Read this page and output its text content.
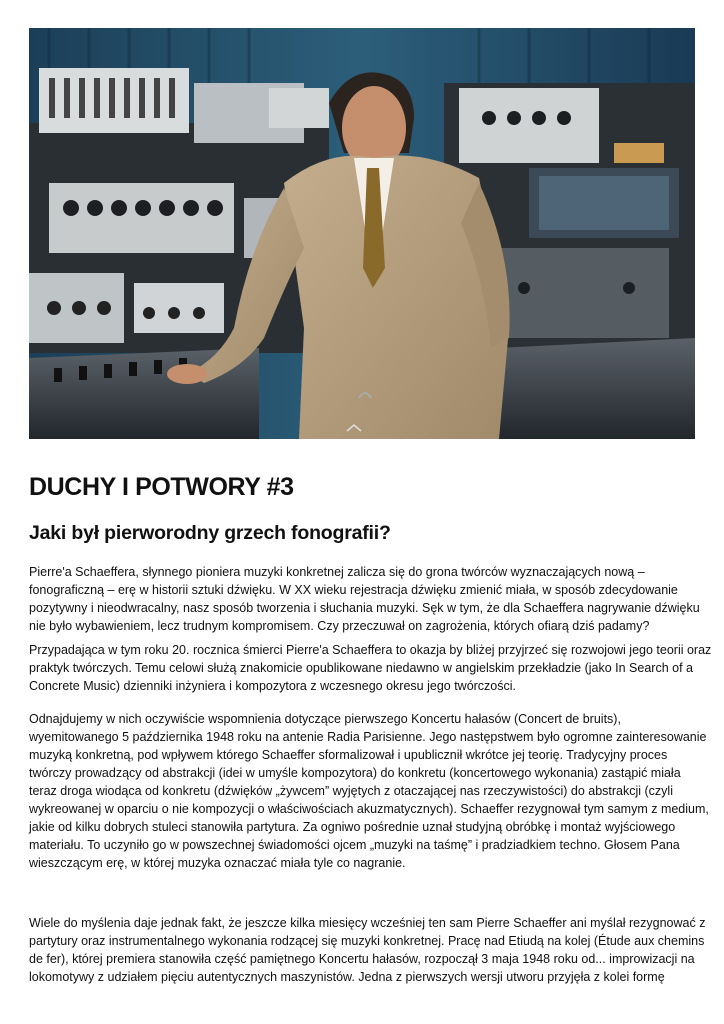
DUCHY I POTWORY #3
Jaki był pierworodny grzech fonografii?

Pierre'a Schaeffera, słynnego pioniera muzyki konkretnej zalicza się do grona twórców wyznaczających nową –
fonograficzną – erę w historii sztuki dźwięku. W XX wieku rejestracja dźwięku zmienić miała, w sposób zdecydowanie
pozytywny i nieodwracalny, nasz sposób tworzenia i słuchania muzyki. Sęk w tym, że dla Schaeffera nagrywanie dźwięku
nie było wybawieniem, lecz trudnym kompromisem. Czy przeczuwał on zagrożenia, których ofiarą dziś padamy?

Przypadająca w tym roku 20. rocznica śmierci Pierre'a Schaeffera to okazja by bliżej przyjrzeć się rozwojowi jego teorii oraz
praktyk twórczych. Temu celowi służą znakomicie opublikowane niedawno w angielskim przekładzie (jako In Search of a
Concrete Music) dzienniki inżyniera i kompozytora z wczesnego okresu jego twórczości.

Odnajdujemy w nich oczywiście wspomnienia dotyczące pierwszego Koncertu hałasów (Concert de bruits),
wyemitowanego 5 października 1948 roku na antenie Radia Parisienne. Jego następstwem było ogromne zainteresowanie
muzyką konkretną, pod wpływem którego Schaeffer sformalizował i upublicznił wkrótce jej teorię. Tradycyjny proces
twórczy prowadzący od abstrakcji (idei w umyśle kompozytora) do konkretu (koncertowego wykonania) zastąpić miała
teraz droga wiodąca od konkretu (dźwięków „żywcem” wyjętych z otaczającej nas rzeczywistości) do abstrakcji (czyli
wykreowanej w oparciu o nie kompozycji o właściwościach akuzmatycznych). Schaeffer rezygnował tym samym z medium,
jakie od kilku dobrych stuleci stanowiła partytura. Za ogniwo pośrednie uznał studyjną obróbkę i montaż wyjściowego
materiału. To uczyniło go w powszechnej świadomości ojcem „muzyki na taśmę” i pradziadkiem techno. Głosem Pana
wieszczącym erę, w której muzyka oznaczać miała tyle co nagranie.

Wiele do myślenia daje jednak fakt, że jeszcze kilka miesięcy wcześniej ten sam Pierre Schaeffer ani myślał rezygnować z
partytury oraz instrumentalnego wykonania rodzącej się muzyki konkretnej. Pracę nad Etiudą na kolej (Étude aux chemins
de fer), której premiera stanowiła część pamiętnego Koncertu hałasów, rozpoczął 3 maja 1948 roku od... improwizacji na
lokomotywy z udziałem pięciu autentycznych maszynistów. Jedna z pierwszych wersji utworu przyjęła z kolei formę
